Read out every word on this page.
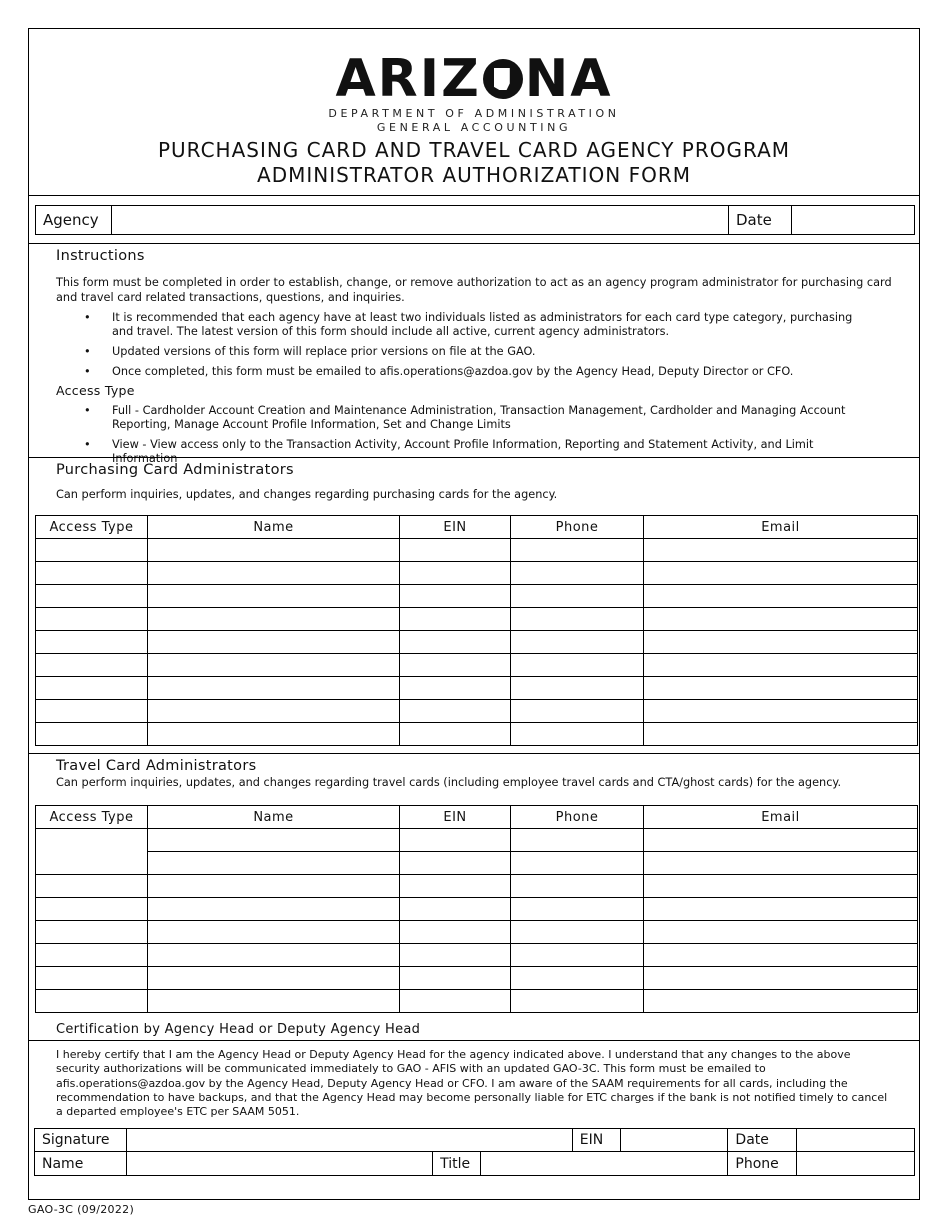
ARIZ NA
DEPARTMENT OF ADMINISTRATION
GENERAL ACCOUNTING
PURCHASING CARD AND TRAVEL CARD AGENCY PROGRAM
ADMINISTRATOR AUTHORIZATION FORM
Agency	Date
Instructions
This form must be completed in order to establish, change, or remove authorization to act as an agency program administrator for purchasing card and travel card related transactions, questions, and inquiries.
• It is recommended that each agency have at least two individuals listed as administrators for each card type category, purchasing and travel. The latest version of this form should include all active, current agency administrators.
• Updated versions of this form will replace prior versions on file at the GAO.
• Once completed, this form must be emailed to afis.operations@azdoa.gov by the Agency Head, Deputy Director or CFO.
Access Type
• Full - Cardholder Account Creation and Maintenance Administration, Transaction Management, Cardholder and Managing Account Reporting, Manage Account Profile Information, Set and Change Limits
• View - View access only to the Transaction Activity, Account Profile Information, Reporting and Statement Activity, and Limit Information
Purchasing Card Administrators
Can perform inquiries, updates, and changes regarding purchasing cards for the agency.
Access Type	Name	EIN	Phone	Email

Travel Card Administrators
Can perform inquiries, updates, and changes regarding travel cards (including employee travel cards and CTA/ghost cards) for the agency.
Access Type	Name	EIN	Phone	Email

Certification by Agency Head or Deputy Agency Head
I hereby certify that I am the Agency Head or Deputy Agency Head for the agency indicated above. I understand that any changes to the above security authorizations will be communicated immediately to GAO - AFIS with an updated GAO-3C. This form must be emailed to afis.operations@azdoa.gov by the Agency Head, Deputy Agency Head or CFO. I am aware of the SAAM requirements for all cards, including the recommendation to have backups, and that the Agency Head may become personally liable for ETC charges if the bank is not notified timely to cancel a departed employee's ETC per SAAM 5051.
Signature	EIN	Date
Name	Title	Phone
GAO-3C (09/2022)
